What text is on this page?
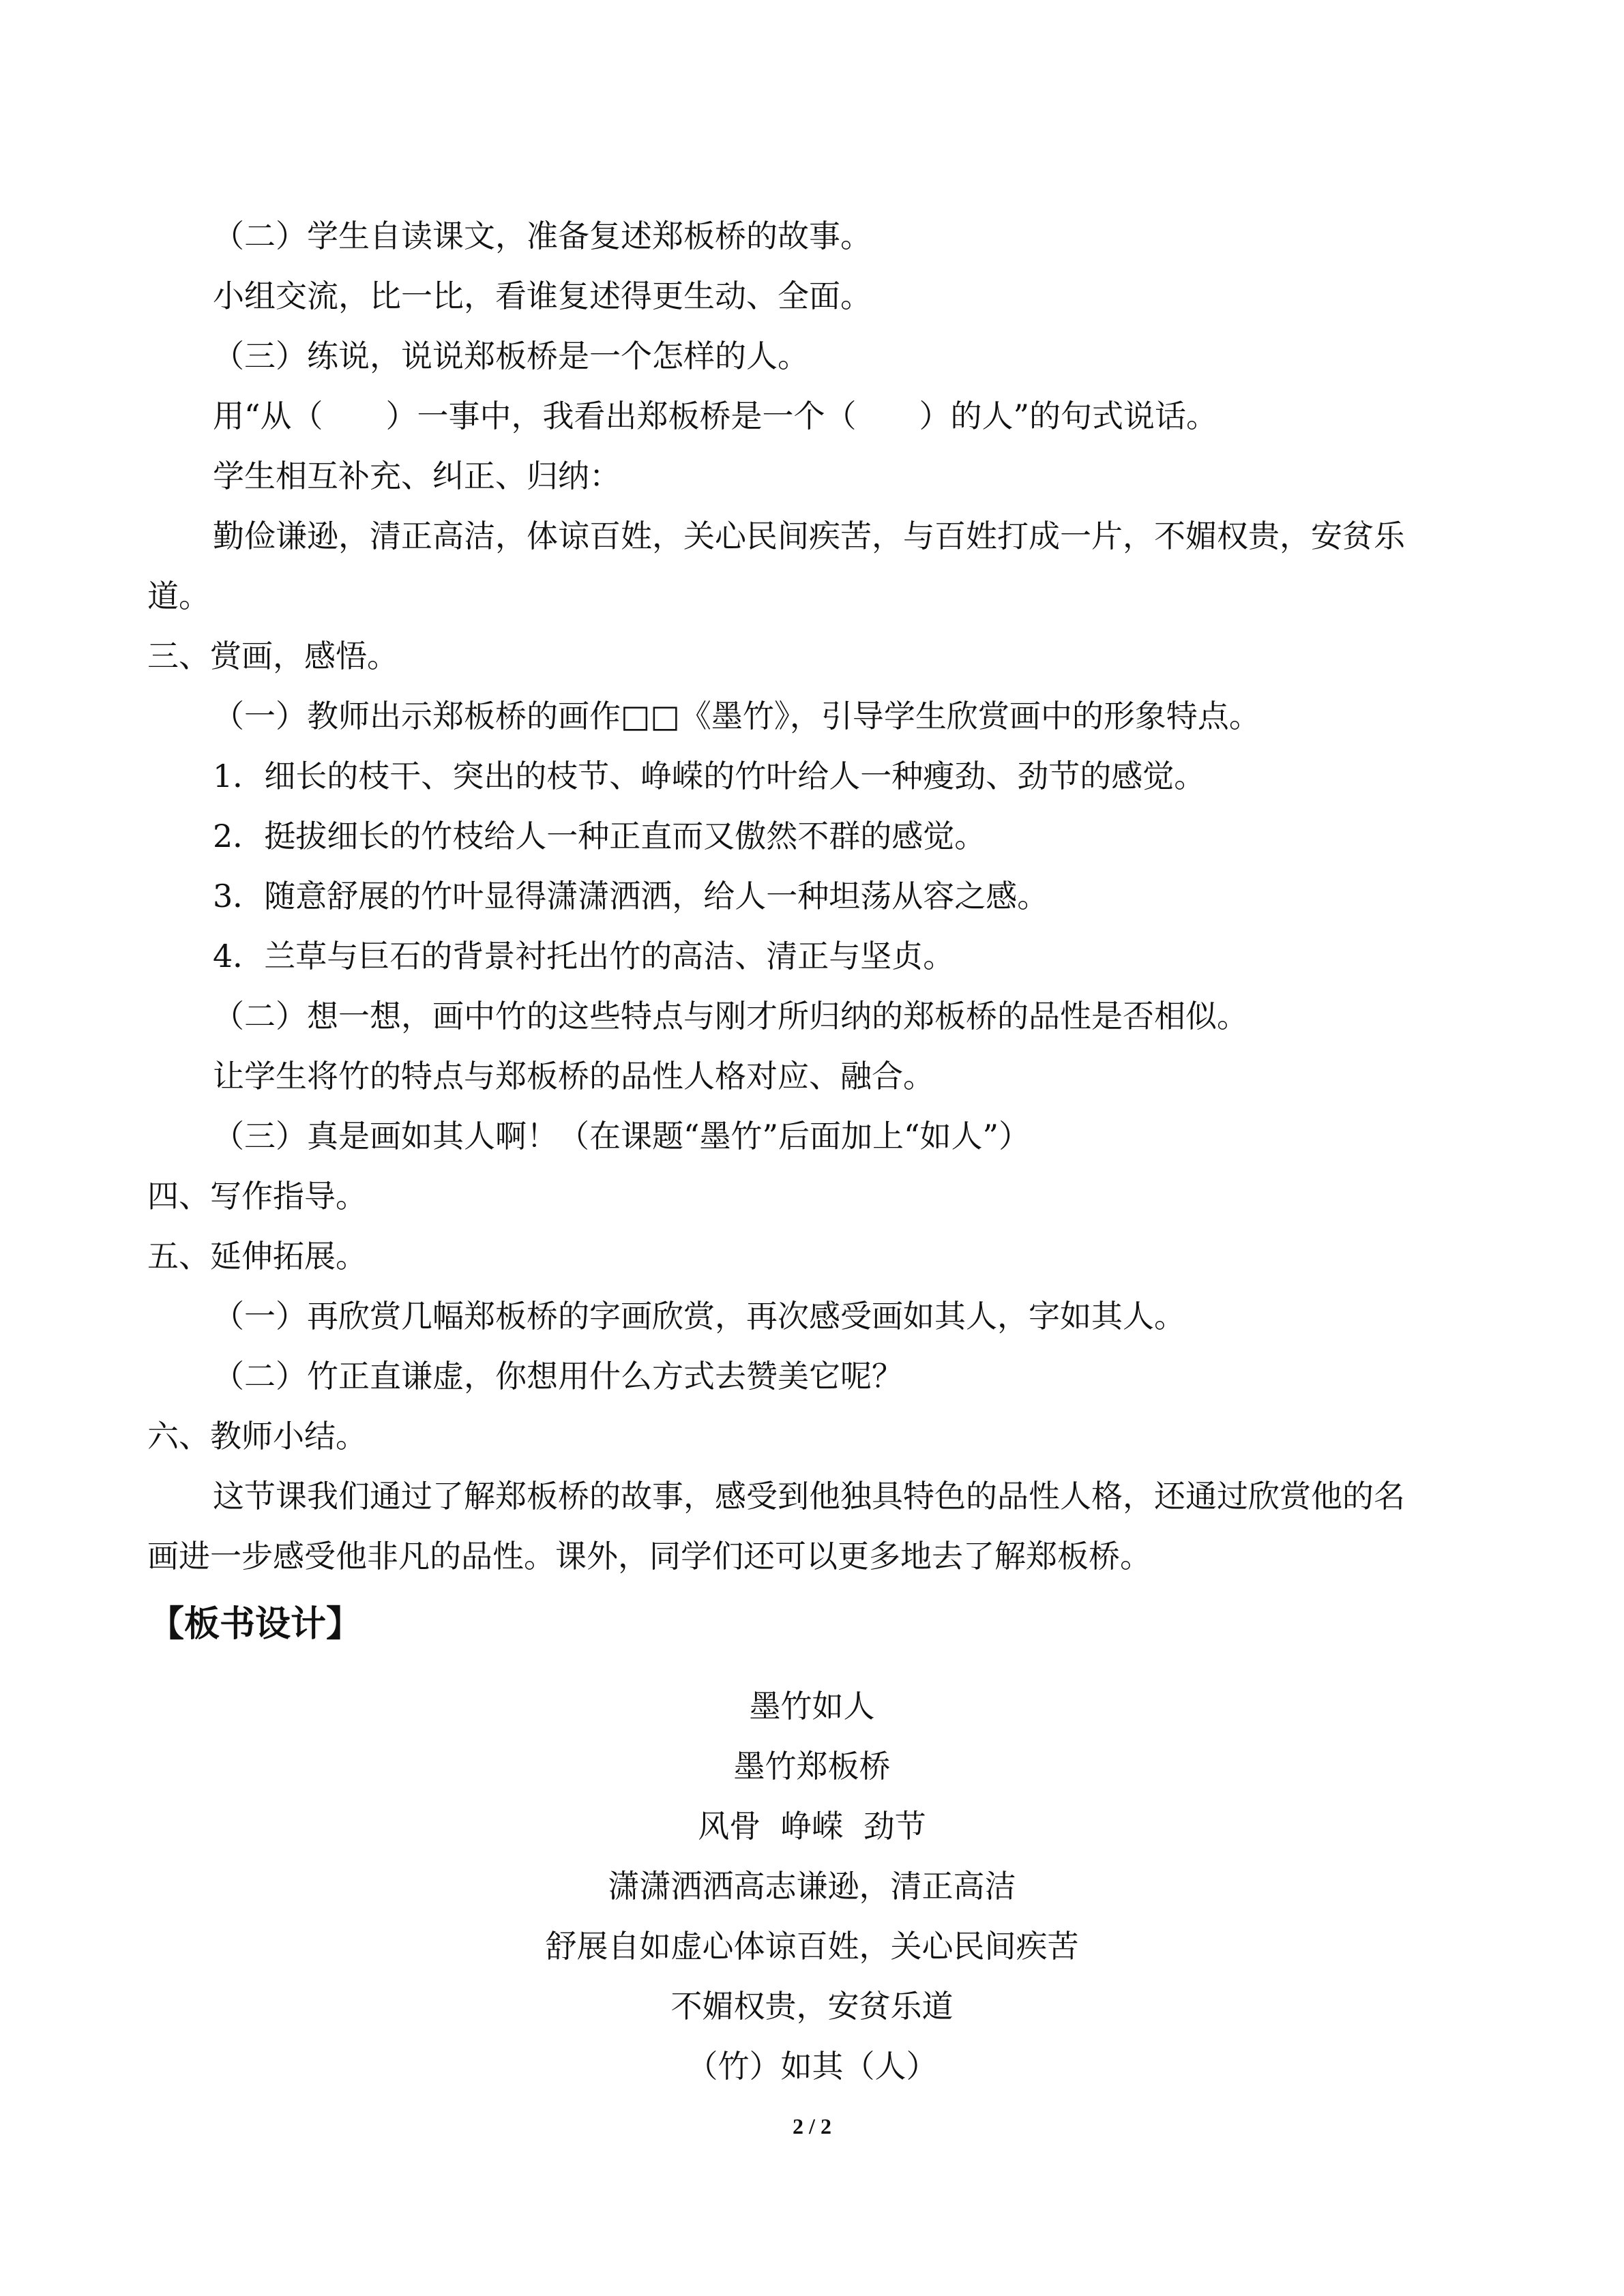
（二）学生自读课文，准备复述郑板桥的故事。
小组交流，比一比，看谁复述得更生动、全面。
（三）练说，说说郑板桥是一个怎样的人。
用“从（　　）一事中，我看出郑板桥是一个（　　）的人”的句式说话。
学生相互补充、纠正、归纳：
勤俭谦逊，清正高洁，体谅百姓，关心民间疾苦，与百姓打成一片，不媚权贵，安贫乐
道。
三、赏画，感悟。
（一）教师出示郑板桥的画作□□《墨竹》，引导学生欣赏画中的形象特点。
1．细长的枝干、突出的枝节、峥嵘的竹叶给人一种瘦劲、劲节的感觉。
2．挺拔细长的竹枝给人一种正直而又傲然不群的感觉。
3．随意舒展的竹叶显得潇潇洒洒，给人一种坦荡从容之感。
4．兰草与巨石的背景衬托出竹的高洁、清正与坚贞。
（二）想一想，画中竹的这些特点与刚才所归纳的郑板桥的品性是否相似。
让学生将竹的特点与郑板桥的品性人格对应、融合。
（三）真是画如其人啊！（在课题“墨竹”后面加上“如人”）
四、写作指导。
五、延伸拓展。
（一）再欣赏几幅郑板桥的字画欣赏，再次感受画如其人，字如其人。
（二）竹正直谦虚，你想用什么方式去赞美它呢？
六、教师小结。
这节课我们通过了解郑板桥的故事，感受到他独具特色的品性人格，还通过欣赏他的名
画进一步感受他非凡的品性。课外，同学们还可以更多地去了解郑板桥。
【板书设计】
墨竹如人
墨竹郑板桥
风骨  峥嵘  劲节
潇潇洒洒高志谦逊，清正高洁
舒展自如虚心体谅百姓，关心民间疾苦
不媚权贵，安贫乐道
（竹）如其（人）
2 / 2
